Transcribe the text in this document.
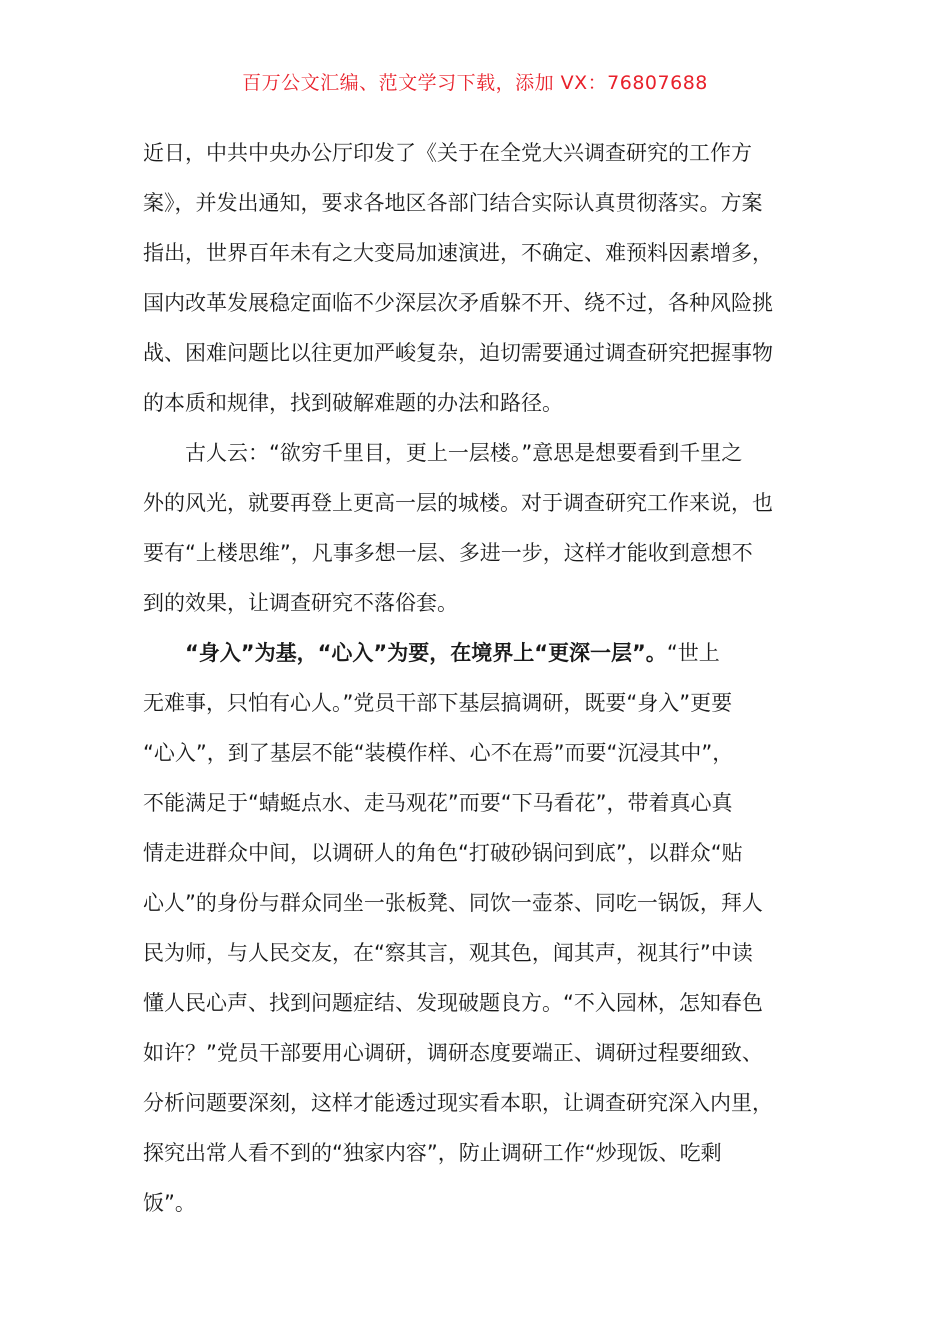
百万公文汇编、范文学习下载，添加 VX：76807688
近日，中共中央办公厅印发了《关于在全党大兴调查研究的工作方
案》，并发出通知，要求各地区各部门结合实际认真贯彻落实。方案
指出，世界百年未有之大变局加速演进，不确定、难预料因素增多，
国内改革发展稳定面临不少深层次矛盾躲不开、绕不过，各种风险挑
战、困难问题比以往更加严峻复杂，迫切需要通过调查研究把握事物
的本质和规律，找到破解难题的办法和路径。
古人云：“欲穷千里目，更上一层楼。”意思是想要看到千里之
外的风光，就要再登上更高一层的城楼。对于调查研究工作来说，也
要有“上楼思维”，凡事多想一层、多进一步，这样才能收到意想不
到的效果，让调查研究不落俗套。
“身入”为基，“心入”为要，在境界上“更深一层”。“世上
无难事，只怕有心人。”党员干部下基层搞调研，既要“身入”更要
“心入”，到了基层不能“装模作样、心不在焉”而要“沉浸其中”，
不能满足于“蜻蜓点水、走马观花”而要“下马看花”，带着真心真
情走进群众中间，以调研人的角色“打破砂锅问到底”，以群众“贴
心人”的身份与群众同坐一张板凳、同饮一壶茶、同吃一锅饭，拜人
民为师，与人民交友，在“察其言，观其色，闻其声，视其行”中读
懂人民心声、找到问题症结、发现破题良方。“不入园林，怎知春色
如许？”党员干部要用心调研，调研态度要端正、调研过程要细致、
分析问题要深刻，这样才能透过现实看本职，让调查研究深入内里，
探究出常人看不到的“独家内容”，防止调研工作“炒现饭、吃剩
饭”。
